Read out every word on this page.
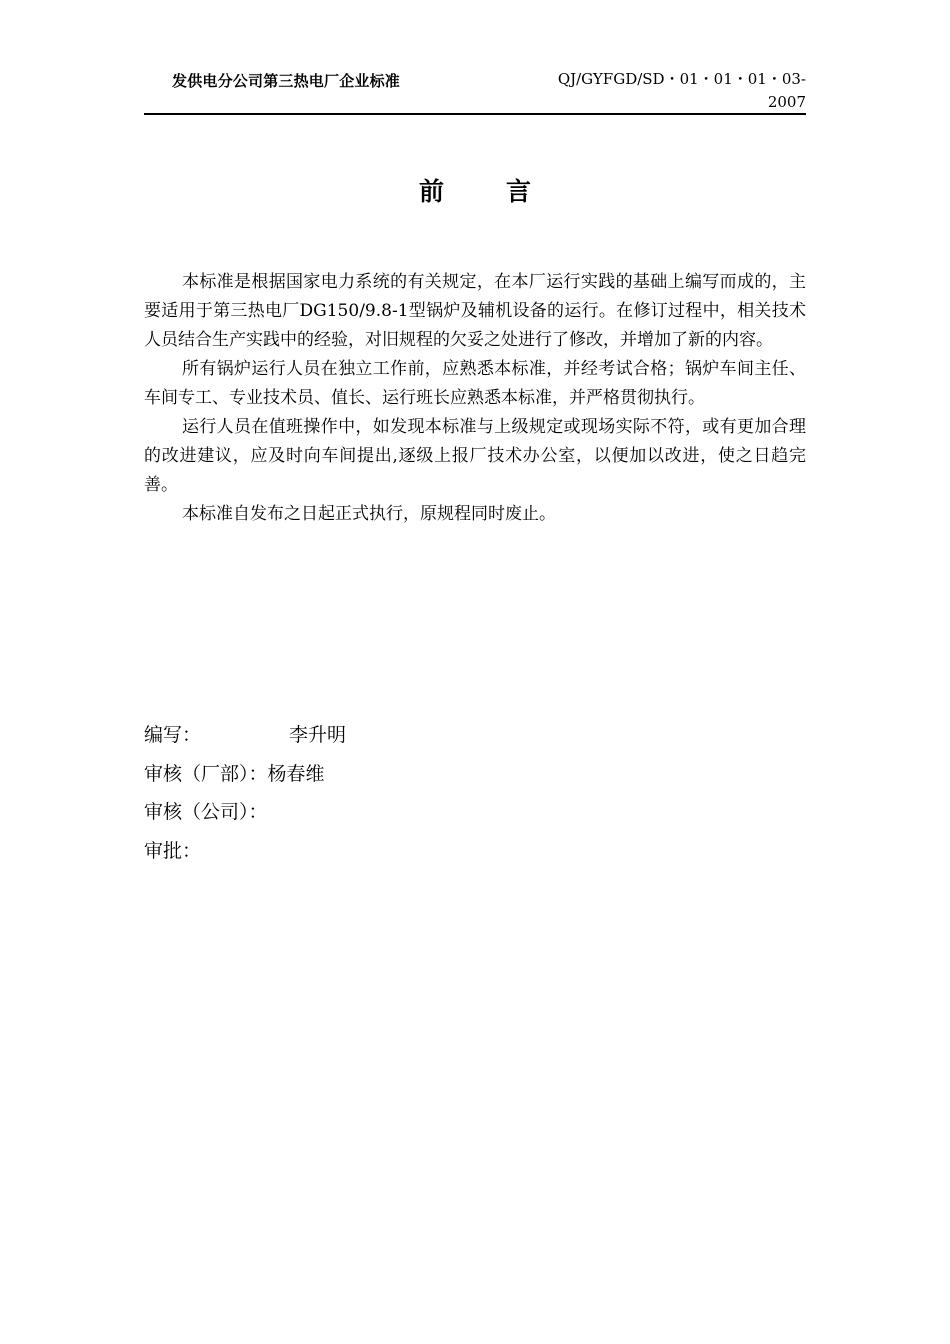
发供电分公司第三热电厂企业标准	QJ/GYFGD/SD・01・01・01・03-
2007
前言

本标准是根据国家电力系统的有关规定，在本厂运行实践的基础上编写而成的，主要适用于第三热电厂DG150/9.8-1型锅炉及辅机设备的运行。在修订过程中，相关技术人员结合生产实践中的经验，对旧规程的欠妥之处进行了修改，并增加了新的内容。

所有锅炉运行人员在独立工作前，应熟悉本标准，并经考试合格；锅炉车间主任、车间专工、专业技术员、值长、运行班长应熟悉本标准，并严格贯彻执行。

运行人员在值班操作中，如发现本标准与上级规定或现场实际不符，或有更加合理的改进建议，应及时向车间提出,逐级上报厂技术办公室，以便加以改进，使之日趋完善。

本标准自发布之日起正式执行，原规程同时废止。

编写：	李升明
审核（厂部）：杨春维
审核（公司）：
审批：
